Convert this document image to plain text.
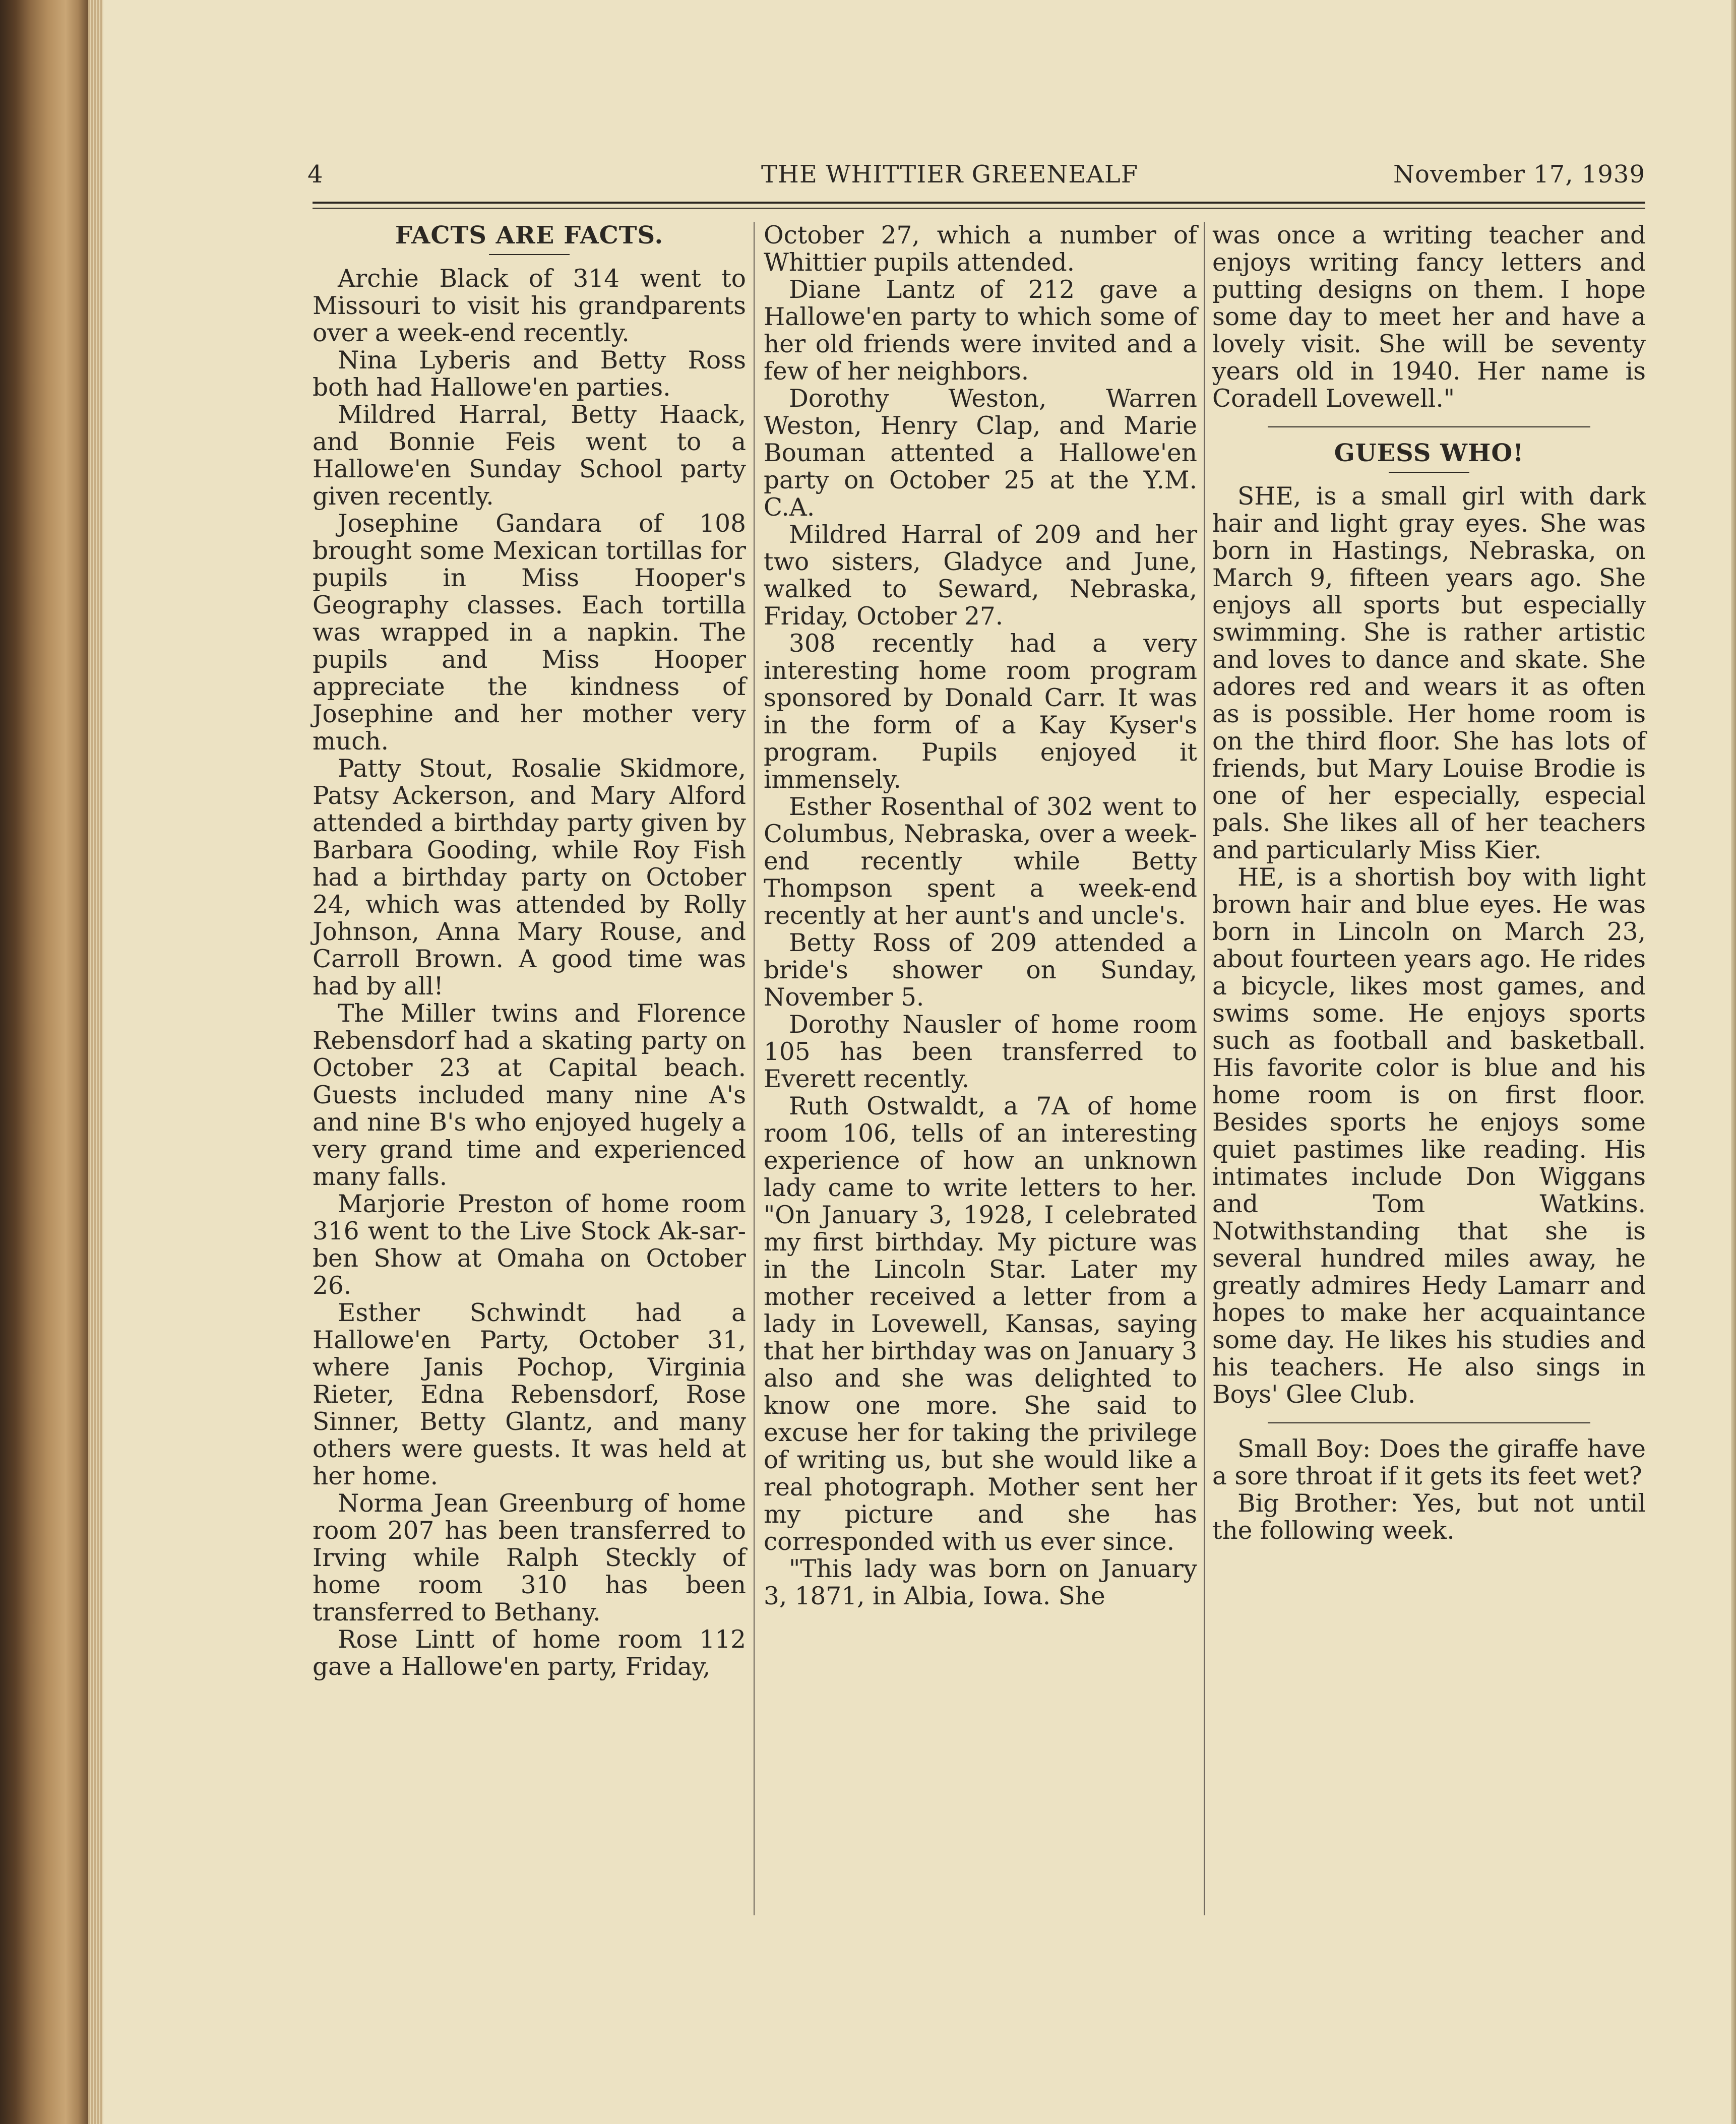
4	THE WHITTIER GREENEALF	November 17, 1939
FACTS ARE FACTS.

Archie Black of 314 went to Missouri to visit his grandparents over a week-end recently.

Nina Lyberis and Betty Ross both had Hallowe'en parties.

Mildred Harral, Betty Haack, and Bonnie Feis went to a Hallowe'en Sunday School party given recently.

Josephine Gandara of 108 brought some Mexican tortillas for pupils in Miss Hooper's Geography classes. Each tortilla was wrapped in a napkin. The pupils and Miss Hooper appreciate the kindness of Josephine and her mother very much.

Patty Stout, Rosalie Skidmore, Patsy Ackerson, and Mary Alford attended a birthday party given by Barbara Gooding, while Roy Fish had a birthday party on October 24, which was attended by Rolly Johnson, Anna Mary Rouse, and Carroll Brown. A good time was had by all!

The Miller twins and Florence Rebensdorf had a skating party on October 23 at Capital beach. Guests included many nine A's and nine B's who enjoyed hugely a very grand time and experienced many falls.

Marjorie Preston of home room 316 went to the Live Stock Ak-sar-ben Show at Omaha on October 26.

Esther Schwindt had a Hallowe'en Party, October 31, where Janis Pochop, Virginia Rieter, Edna Rebensdorf, Rose Sinner, Betty Glantz, and many others were guests. It was held at her home.

Norma Jean Greenburg of home room 207 has been transferred to Irving while Ralph Steckly of home room 310 has been transferred to Bethany.

Rose Lintt of home room 112 gave a Hallowe'en party, Friday,

October 27, which a number of Whittier pupils attended.

Diane Lantz of 212 gave a Hallowe'en party to which some of her old friends were invited and a few of her neighbors.

Dorothy Weston, Warren Weston, Henry Clap, and Marie Bouman attented a Hallowe'en party on October 25 at the Y.M. C.A.

Mildred Harral of 209 and her two sisters, Gladyce and June, walked to Seward, Nebraska, Friday, October 27.

308 recently had a very interesting home room program sponsored by Donald Carr. It was in the form of a Kay Kyser's program. Pupils enjoyed it immensely.

Esther Rosenthal of 302 went to Columbus, Nebraska, over a week-end recently while Betty Thompson spent a week-end recently at her aunt's and uncle's.

Betty Ross of 209 attended a bride's shower on Sunday, November 5.

Dorothy Nausler of home room 105 has been transferred to Everett recently.

Ruth Ostwaldt, a 7A of home room 106, tells of an interesting experience of how an unknown lady came to write letters to her. "On January 3, 1928, I celebrated my first birthday. My picture was in the Lincoln Star. Later my mother received a letter from a lady in Lovewell, Kansas, saying that her birthday was on January 3 also and she was delighted to know one more. She said to excuse her for taking the privilege of writing us, but she would like a real photograph. Mother sent her my picture and she has corresponded with us ever since.

"This lady was born on January 3, 1871, in Albia, Iowa. She

was once a writing teacher and enjoys writing fancy letters and putting designs on them. I hope some day to meet her and have a lovely visit. She will be seventy years old in 1940. Her name is Coradell Lovewell."

GUESS WHO!

SHE, is a small girl with dark hair and light gray eyes. She was born in Hastings, Nebraska, on March 9, fifteen years ago. She enjoys all sports but especially swimming. She is rather artistic and loves to dance and skate. She adores red and wears it as often as is possible. Her home room is on the third floor. She has lots of friends, but Mary Louise Brodie is one of her especially, especial pals. She likes all of her teachers and particularly Miss Kier.

HE, is a shortish boy with light brown hair and blue eyes. He was born in Lincoln on March 23, about fourteen years ago. He rides a bicycle, likes most games, and swims some. He enjoys sports such as football and basketball. His favorite color is blue and his home room is on first floor. Besides sports he enjoys some quiet pastimes like reading. His intimates include Don Wiggans and Tom Watkins. Notwithstanding that she is several hundred miles away, he greatly admires Hedy Lamarr and hopes to make her acquaintance some day. He likes his studies and his teachers. He also sings in Boys' Glee Club.

Small Boy: Does the giraffe have a sore throat if it gets its feet wet?

Big Brother: Yes, but not until the following week.
